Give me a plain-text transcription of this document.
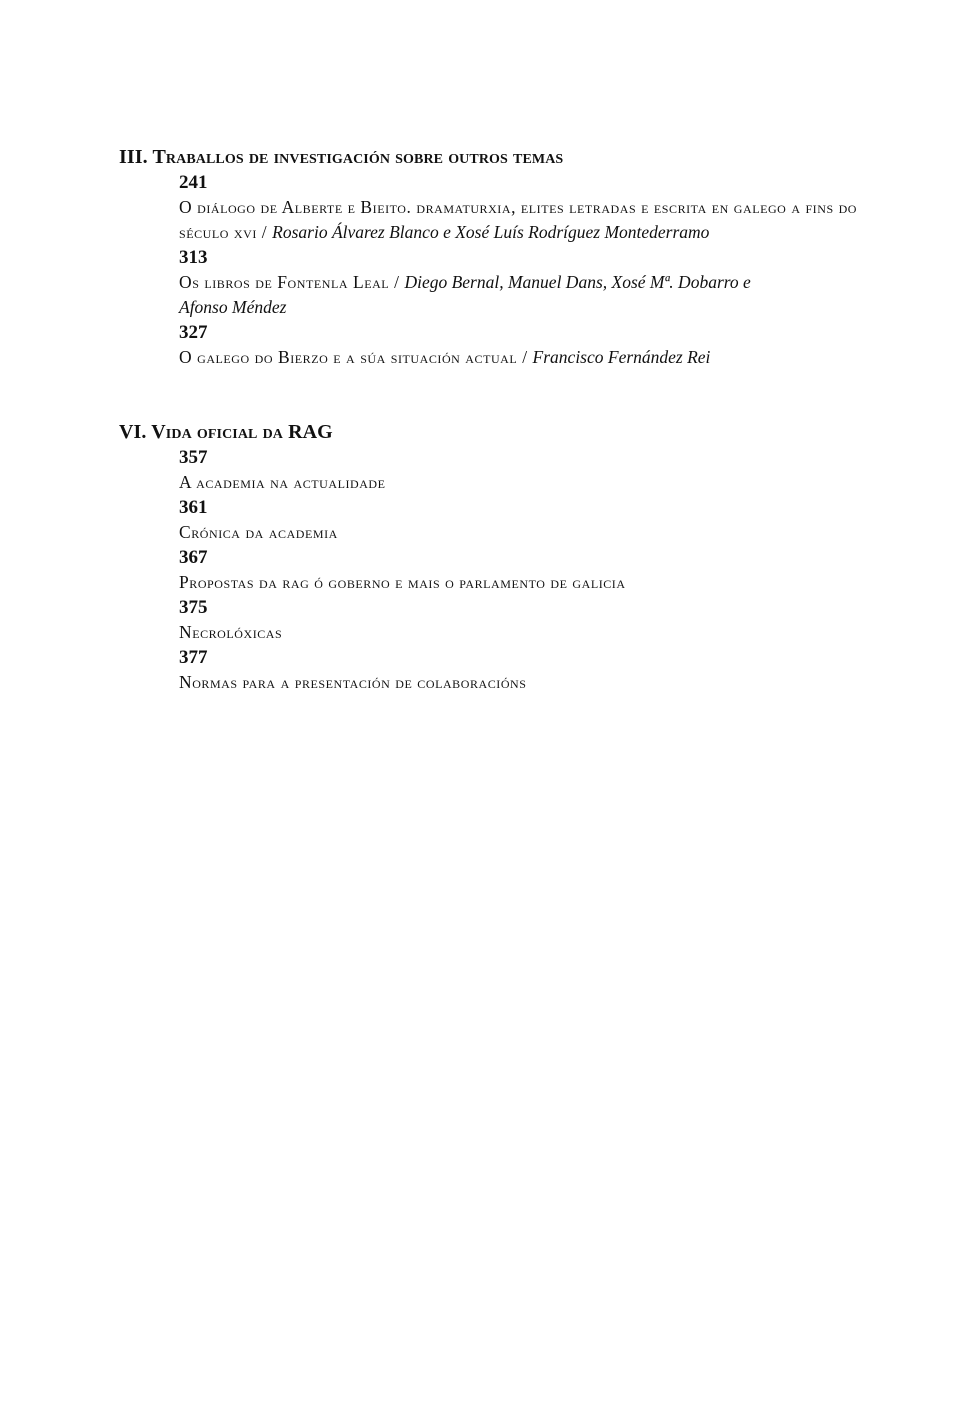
III. Traballos de investigación sobre outros temas
241
O diálogo de Alberte e Bieito. dramaturxia, elites letradas e escrita en galego a fins do século xvi / Rosario Álvarez Blanco e Xosé Luís Rodríguez Montederramo
313
Os libros de Fontenla Leal / Diego Bernal, Manuel Dans, Xosé Mª. Dobarro e Afonso Méndez
327
O galego do Bierzo e a súa situación actual / Francisco Fernández Rei
VI. Vida oficial da RAG
357
A academia na actualidade
361
Crónica da academia
367
Propostas da rag ó goberno e mais o parlamento de galicia
375
Necrolóxicas
377
Normas para a presentación de colaboracións
